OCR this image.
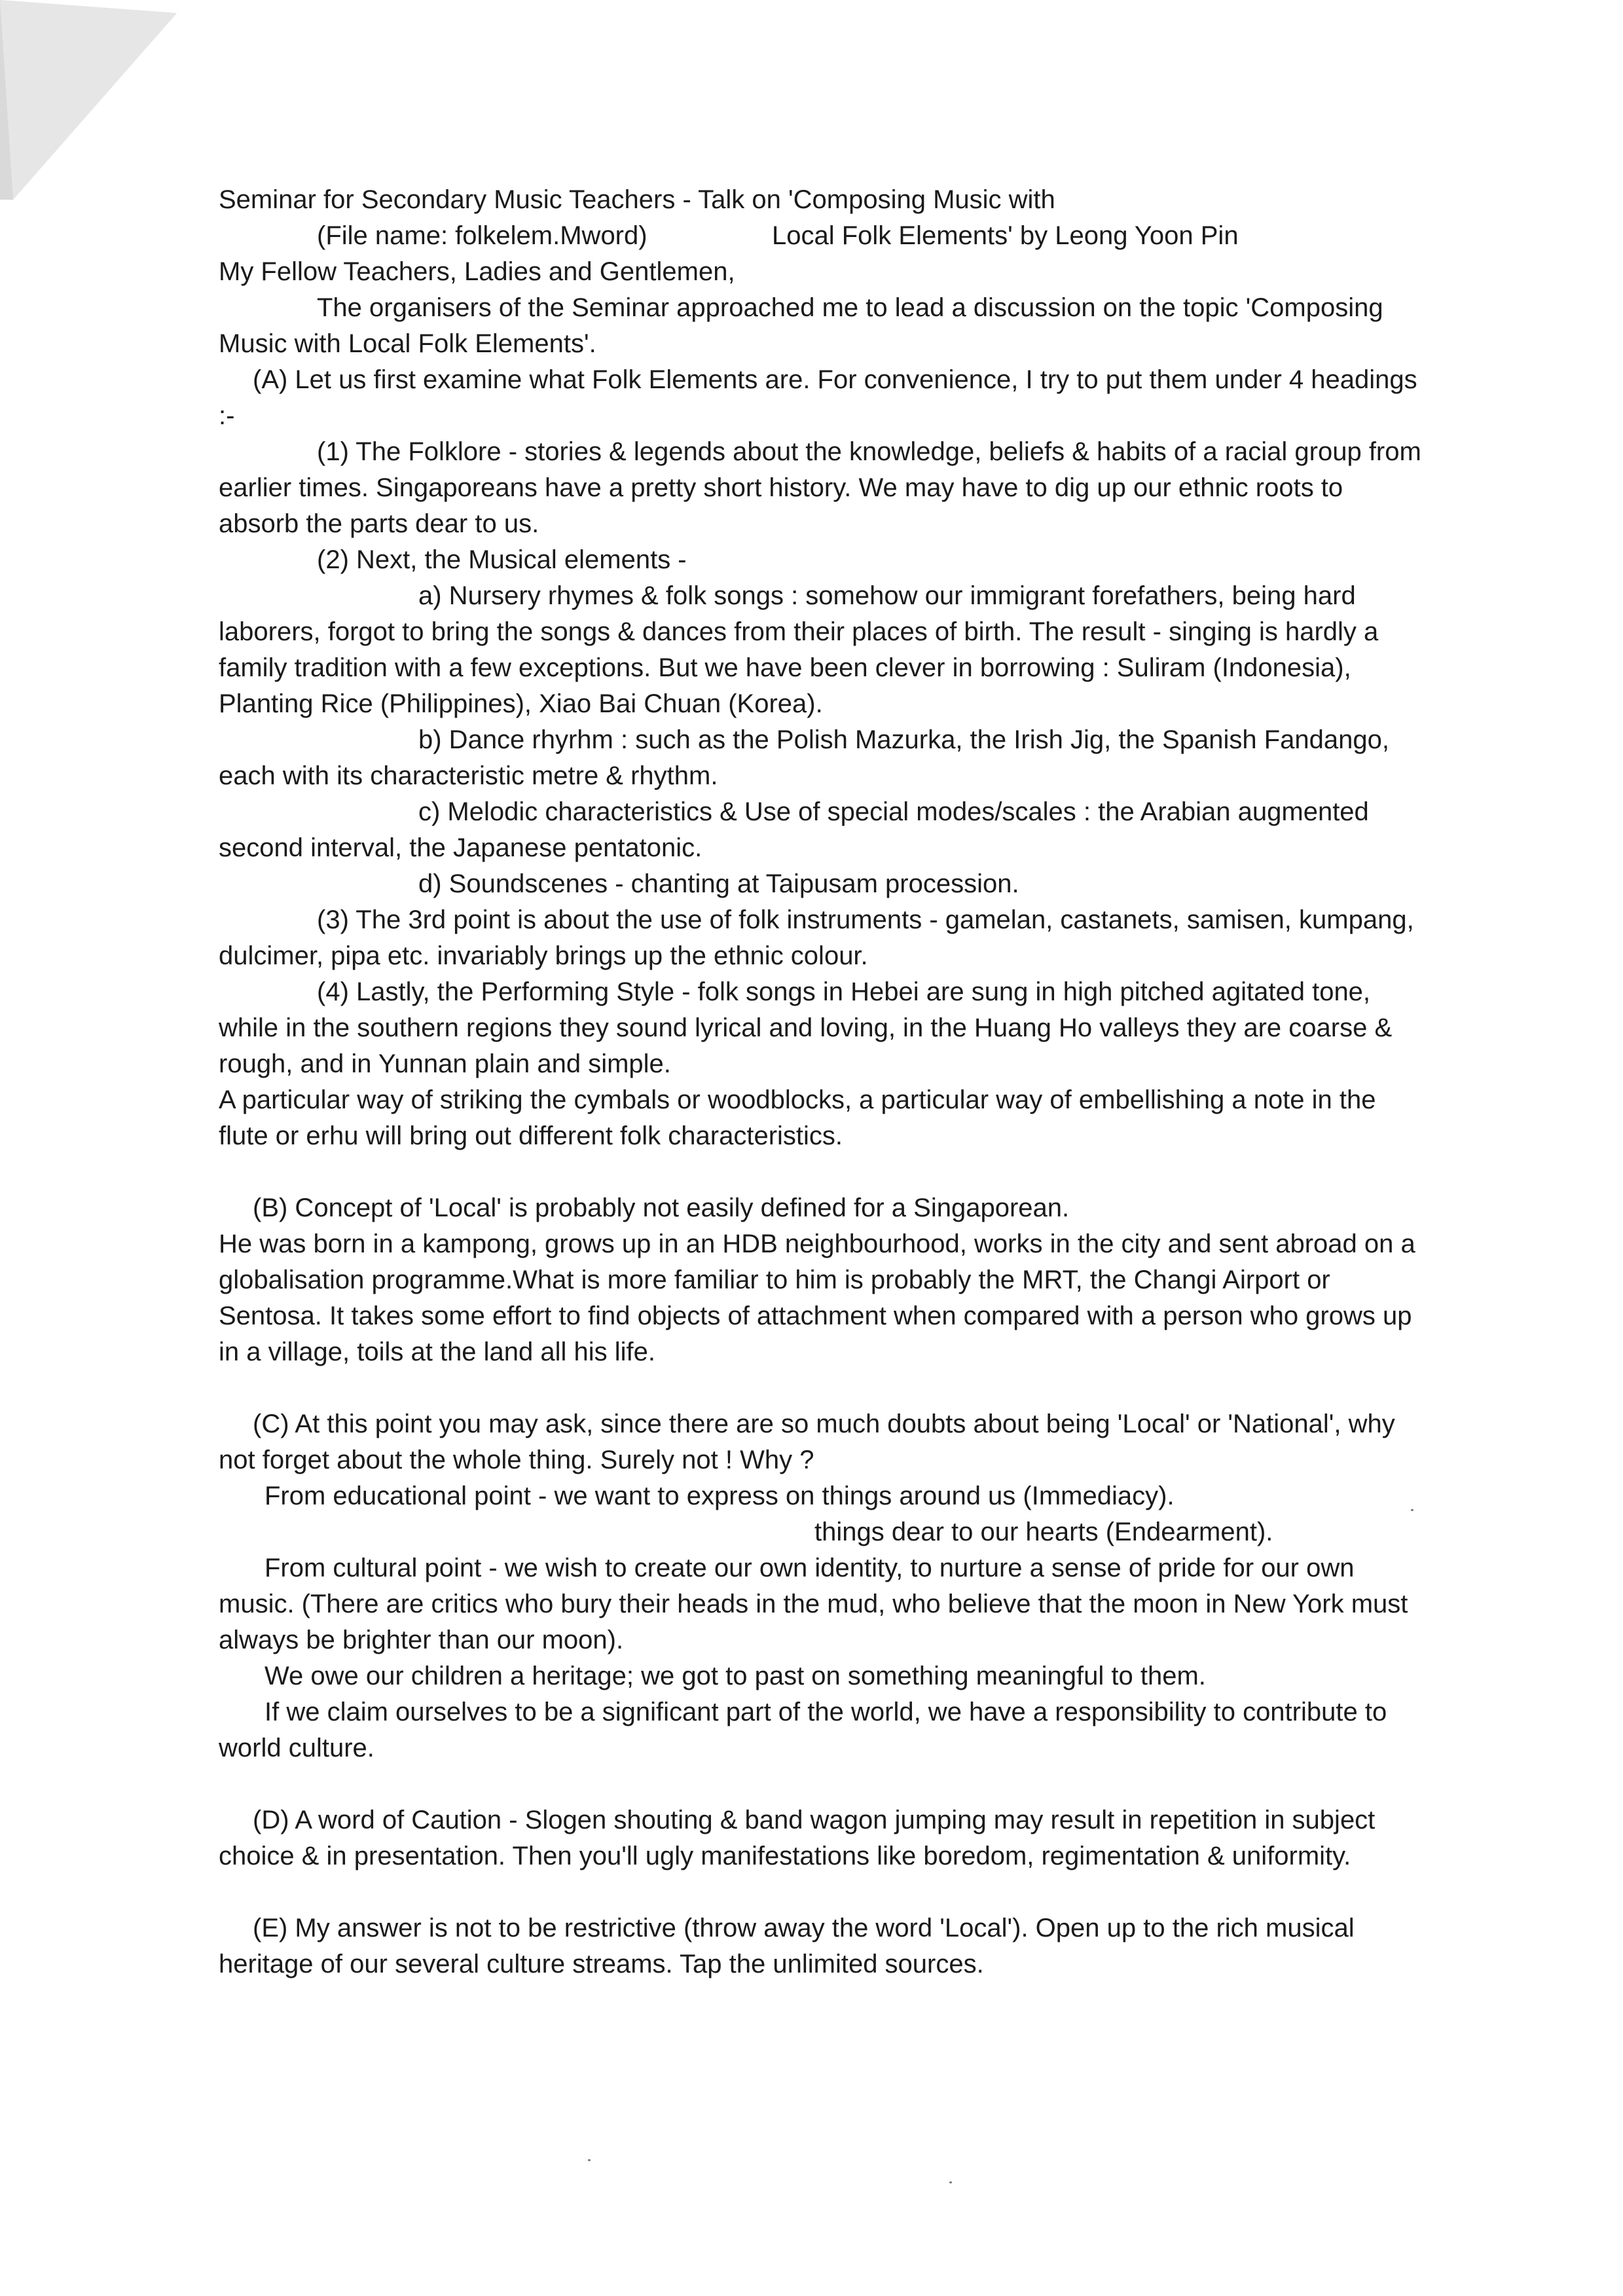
Seminar for Secondary Music Teachers - Talk on 'Composing Music with

(File name: folkelem.Mword)	Local Folk Elements' by Leong Yoon Pin

My Fellow Teachers, Ladies and Gentlemen,

The organisers of the Seminar approached me to lead a discussion on the topic 'Composing Music with Local Folk Elements'.

(A) Let us first examine what Folk Elements are. For convenience, I try to put them under 4 headings :-

(1) The Folklore - stories & legends about the knowledge, beliefs & habits of a racial group from earlier times. Singaporeans have a pretty short history. We may have to dig up our ethnic roots to absorb the parts dear to us.

(2) Next, the Musical elements -

a) Nursery rhymes & folk songs : somehow our immigrant forefathers, being hard laborers, forgot to bring the songs & dances from their places of birth. The result - singing is hardly a family tradition with a few exceptions. But we have been clever in borrowing : Suliram (Indonesia), Planting Rice (Philippines), Xiao Bai Chuan (Korea).

b) Dance rhyrhm : such as the Polish Mazurka, the Irish Jig, the Spanish Fandango, each with its characteristic metre & rhythm.

c) Melodic characteristics & Use of special modes/scales : the Arabian augmented second interval, the Japanese pentatonic.

d) Soundscenes - chanting at Taipusam procession.

(3) The 3rd point is about the use of folk instruments - gamelan, castanets, samisen, kumpang, dulcimer, pipa etc. invariably brings up the ethnic colour.

(4) Lastly, the Performing Style - folk songs in Hebei are sung in high pitched agitated tone, while in the southern regions they sound lyrical and loving, in the Huang Ho valleys they are coarse & rough, and in Yunnan plain and simple.

A particular way of striking the cymbals or woodblocks, a particular way of embellishing a note in the flute or erhu will bring out different folk characteristics.

(B) Concept of 'Local' is probably not easily defined for a Singaporean.

He was born in a kampong, grows up in an HDB neighbourhood, works in the city and sent abroad on a globalisation programme.What is more familiar to him is probably the MRT, the Changi Airport or Sentosa. It takes some effort to find objects of attachment when compared with a person who grows up in a village, toils at the land all his life.

(C) At this point you may ask, since there are so much doubts about being 'Local' or 'National', why not forget about the whole thing. Surely not ! Why ?

From educational point - we want to express on things around us (Immediacy).

things dear to our hearts (Endearment).

From cultural point - we wish to create our own identity, to nurture a sense of pride for our own music. (There are critics who bury their heads in the mud, who believe that the moon in New York must always be brighter than our moon).

We owe our children a heritage; we got to past on something meaningful to them.

If we claim ourselves to be a significant part of the world, we have a responsibility to contribute to world culture.

(D) A word of Caution - Slogen shouting & band wagon jumping may result in repetition in subject choice & in presentation. Then you'll ugly manifestations like boredom, regimentation & uniformity.

(E) My answer is not to be restrictive (throw away the word 'Local'). Open up to the rich musical heritage of our several culture streams. Tap the unlimited sources.
